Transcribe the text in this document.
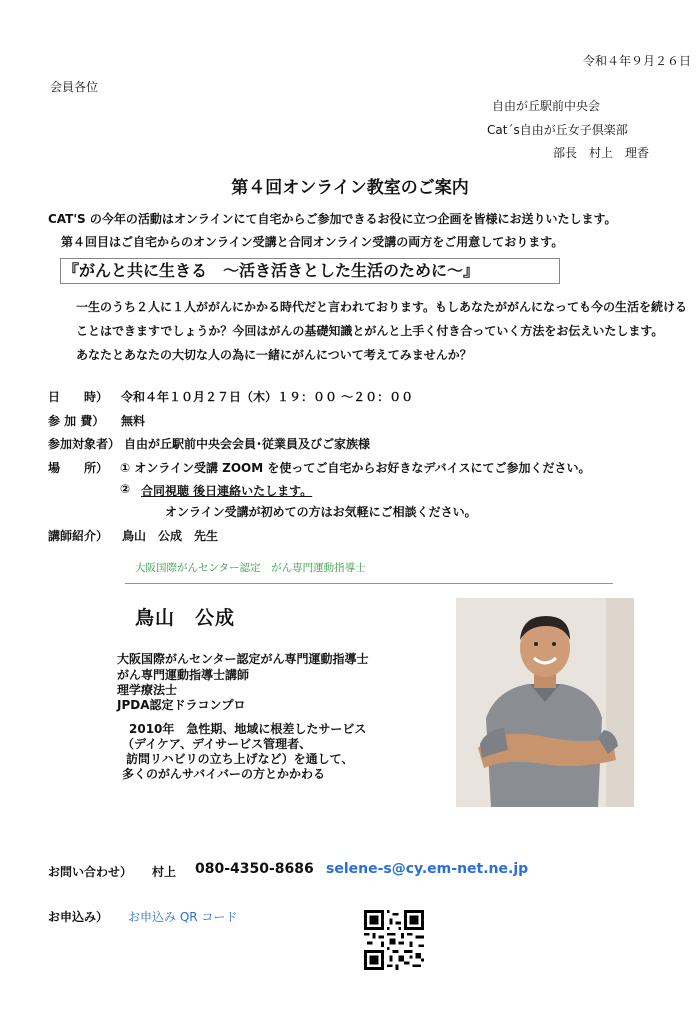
令和４年９月２６日
会員各位
自由が丘駅前中央会
Cat´s自由が丘女子倶楽部
部長　村上　理香
第４回オンライン教室のご案内
CAT'S の今年の活動はオンラインにて自宅からご参加できるお役に立つ企画を皆様にお送りいたします。
第４回目はご自宅からのオンライン受講と合同オンライン受講の両方をご用意しております。
『がんと共に生きる　～活き活きとした生活のために～』
一生のうち２人に１人ががんにかかる時代だと言われております。もしあなたががんになっても今の生活を続ける
ことはできますでしょうか？今回はがんの基礎知識とがんと上手く付き合っていく方法をお伝えいたします。
あなたとあなたの大切な人の為に一緒にがんについて考えてみませんか？
日　　時） 令和４年１０月２７日（木）１９：００ ～２０：００
参 加 費） 無料
参加対象者） 自由が丘駅前中央会会員･従業員及びご家族様
場　　所） ① オンライン受講 ZOOM を使ってご自宅からお好きなデバイスにてご参加ください。
② 合同視聴 後日連絡いたします。
オンライン受講が初めての方はお気軽にご相談ください。
講師紹介） 鳥山　公成　先生
大阪国際がんセンター認定　がん専門運動指導士
鳥山　公成
大阪国際がんセンター認定がん専門運動指導士
がん専門運動指導士講師
理学療法士
JPDA認定ドラコンプロ
2010年　急性期、地域に根差したサービス
（デイケア、デイサービス管理者、
訪問リハビリの立ち上げなど）を通して、
多くのがんサバイバーの方とかかわる
お問い合わせ） 村上 080-4350-8686 selene-s@cy.em-net.ne.jp
お申込み） お申込み QR コード
